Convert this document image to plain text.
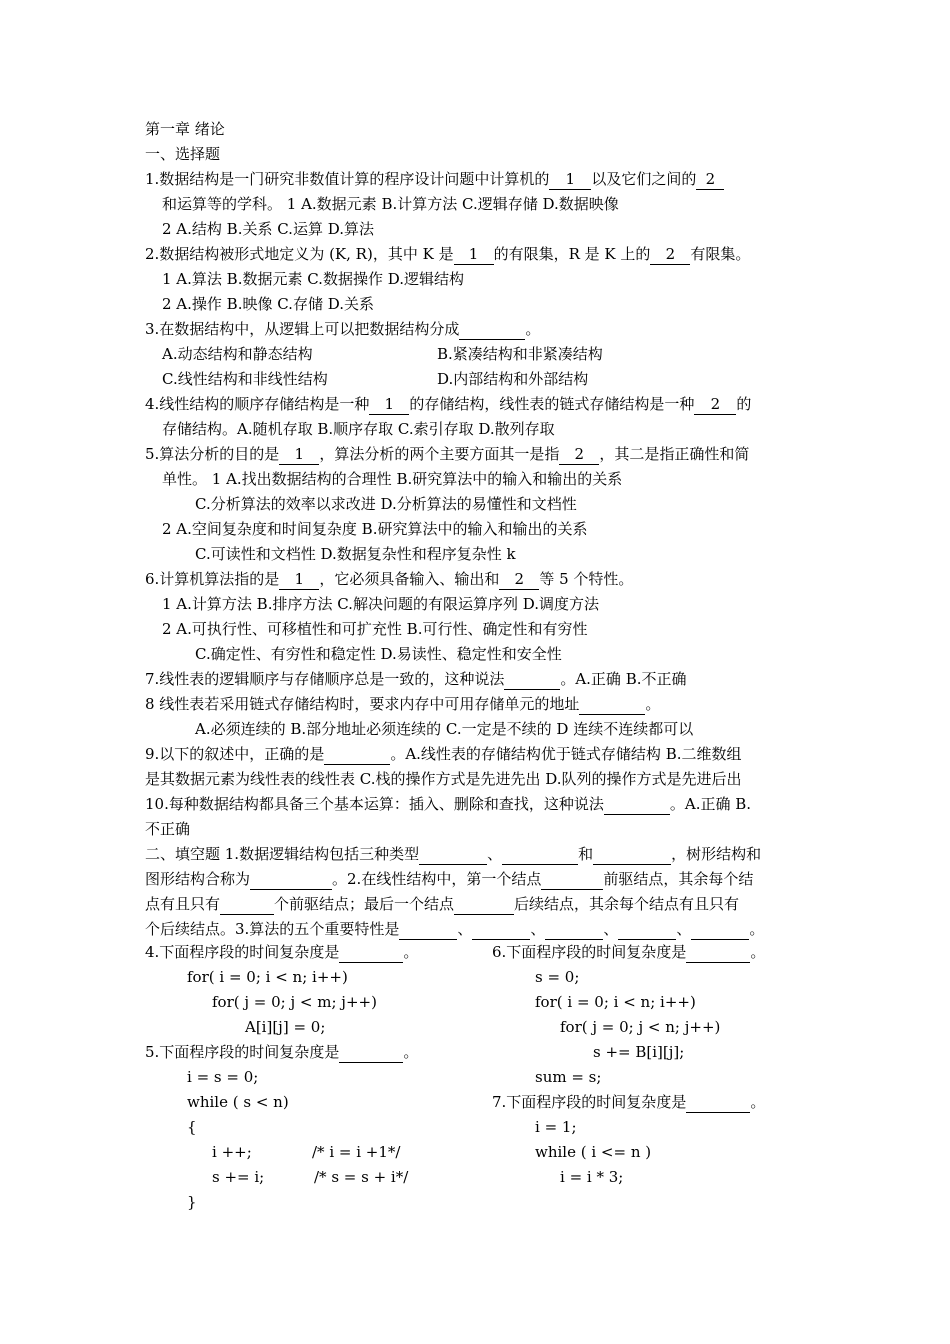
第一章 绪论
一、选择题
1.数据结构是一门研究非数值计算的程序设计问题中计算机的 1 以及它们之间的 2
和运算等的学科。 1 A.数据元素 B.计算方法 C.逻辑存储 D.数据映像
2 A.结构 B.关系 C.运算 D.算法
2.数据结构被形式地定义为 (K, R)，其中 K 是 1 的有限集，R 是 K 上的 2 有限集。
1 A.算法 B.数据元素 C.数据操作 D.逻辑结构
2 A.操作 B.映像 C.存储 D.关系
3.在数据结构中，从逻辑上可以把数据结构分成	。
A.动态结构和静态结构	B.紧凑结构和非紧凑结构
C.线性结构和非线性结构	D.内部结构和外部结构
4.线性结构的顺序存储结构是一种 1 的存储结构，线性表的链式存储结构是一种 2 的
存储结构。A.随机存取 B.顺序存取 C.索引存取 D.散列存取
5.算法分析的目的是 1 ，算法分析的两个主要方面其一是指 2 ，其二是指正确性和简
单性。 1 A.找出数据结构的合理性 B.研究算法中的输入和输出的关系
C.分析算法的效率以求改进 D.分析算法的易懂性和文档性
2 A.空间复杂度和时间复杂度 B.研究算法中的输入和输出的关系
C.可读性和文档性 D.数据复杂性和程序复杂性 k
6.计算机算法指的是 1 ，它必须具备输入、输出和 2 等 5 个特性。
1 A.计算方法 B.排序方法 C.解决问题的有限运算序列 D.调度方法
2 A.可执行性、可移植性和可扩充性 B.可行性、确定性和有穷性
C.确定性、有穷性和稳定性 D.易读性、稳定性和安全性
7.线性表的逻辑顺序与存储顺序总是一致的，这种说法	。A.正确 B.不正确
8 线性表若采用链式存储结构时，要求内存中可用存储单元的地址	。
A.必须连续的 B.部分地址必须连续的 C.一定是不续的 D 连续不连续都可以
9.以下的叙述中，正确的是	。A.线性表的存储结构优于链式存储结构 B.二维数组
是其数据元素为线性表的线性表 C.栈的操作方式是先进先出 D.队列的操作方式是先进后出
10.每种数据结构都具备三个基本运算：插入、删除和查找，这种说法	。A.正确 B.
不正确
二、填空题 1.数据逻辑结构包括三种类型	、	和	，树形结构和
图形结构合称为	。2.在线性结构中，第一个结点	前驱结点，其余每个结
点有且只有	个前驱结点；最后一个结点	后续结点，其余每个结点有且只有
个后续结点。3.算法的五个重要特性是	、	、	、	、	。
4.下面程序段的时间复杂度是	。
for( i = 0; i < n; i++)
for( j = 0; j < m; j++)
A[i][j] = 0;
6.下面程序段的时间复杂度是	。
s = 0;
for( i = 0; i < n; i++)
for( j = 0; j < n; j++)
s += B[i][j];
sum = s;
5.下面程序段的时间复杂度是	。
i = s = 0;
while ( s < n)
{
i ++;	/* i = i +1*/
s += i;	/* s = s + i*/
}
7.下面程序段的时间复杂度是	。
i = 1;
while ( i <= n )
i = i * 3;
